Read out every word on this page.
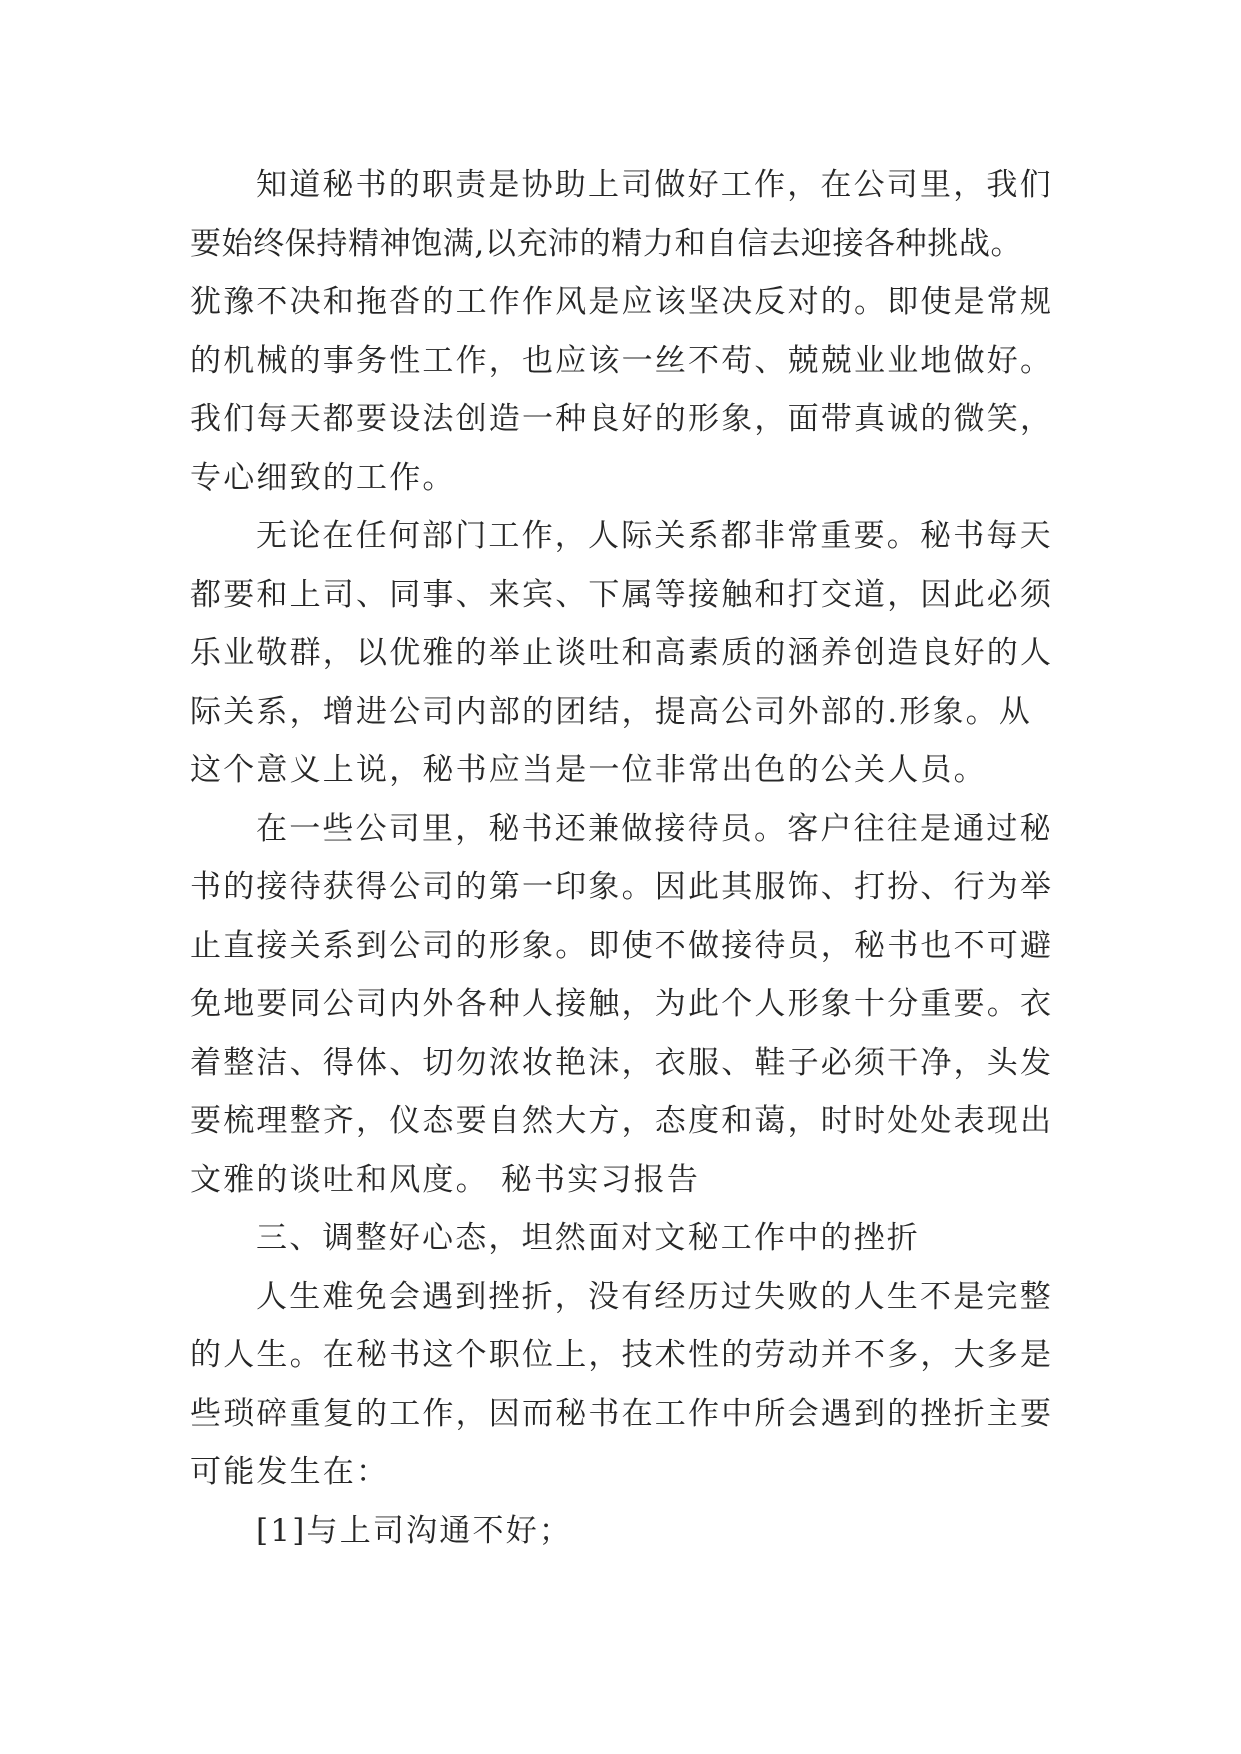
知道秘书的职责是协助上司做好工作，在公司里，我们
要始终保持精神饱满,以充沛的精力和自信去迎接各种挑战。
犹豫不决和拖沓的工作作风是应该坚决反对的。即使是常规
的机械的事务性工作，也应该一丝不苟、兢兢业业地做好。
我们每天都要设法创造一种良好的形象，面带真诚的微笑，
专心细致的工作。
无论在任何部门工作，人际关系都非常重要。秘书每天
都要和上司、同事、来宾、下属等接触和打交道，因此必须
乐业敬群，以优雅的举止谈吐和高素质的涵养创造良好的人
际关系，增进公司内部的团结，提高公司外部的.形象。从
这个意义上说，秘书应当是一位非常出色的公关人员。
在一些公司里，秘书还兼做接待员。客户往往是通过秘
书的接待获得公司的第一印象。因此其服饰、打扮、行为举
止直接关系到公司的形象。即使不做接待员，秘书也不可避
免地要同公司内外各种人接触，为此个人形象十分重要。衣
着整洁、得体、切勿浓妆艳沫，衣服、鞋子必须干净，头发
要梳理整齐，仪态要自然大方，态度和蔼，时时处处表现出
文雅的谈吐和风度。 秘书实习报告
三、调整好心态，坦然面对文秘工作中的挫折
人生难免会遇到挫折，没有经历过失败的人生不是完整
的人生。在秘书这个职位上，技术性的劳动并不多，大多是
些琐碎重复的工作，因而秘书在工作中所会遇到的挫折主要
可能发生在：
[1]与上司沟通不好；
